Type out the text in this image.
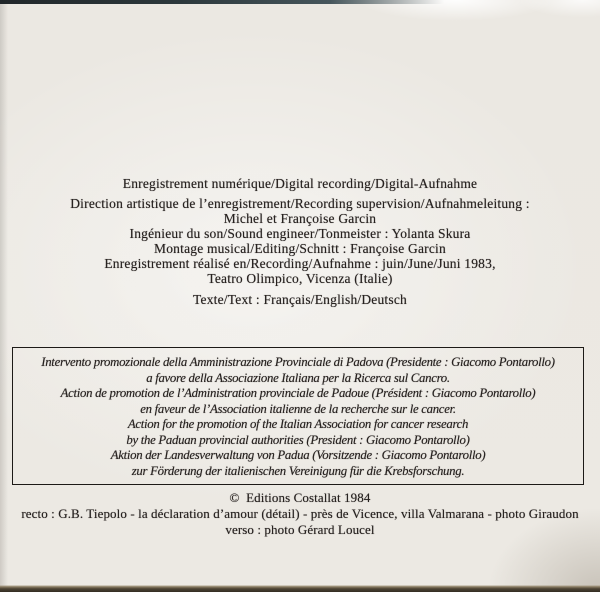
Enregistrement numérique/Digital recording/Digital-Aufnahme
Direction artistique de l’enregistrement/Recording supervision/Aufnahmeleitung :
Michel et Françoise Garcin
Ingénieur du son/Sound engineer/Tonmeister : Yolanta Skura
Montage musical/Editing/Schnitt : Françoise Garcin
Enregistrement réalisé en/Recording/Aufnahme : juin/June/Juni 1983,
Teatro Olimpico, Vicenza (Italie)
Texte/Text : Français/English/Deutsch
Intervento promozionale della Amministrazione Provinciale di Padova (Presidente : Giacomo Pontarollo)
a favore della Associazione Italiana per la Ricerca sul Cancro.
Action de promotion de l’Administration provinciale de Padoue (Président : Giacomo Pontarollo)
en faveur de l’Association italienne de la recherche sur le cancer.
Action for the promotion of the Italian Association for cancer research
by the Paduan provincial authorities (President : Giacomo Pontarollo)
Aktion der Landesverwaltung von Padua (Vorsitzende : Giacomo Pontarollo)
zur Förderung der italienischen Vereinigung für die Krebsforschung.
© Editions Costallat 1984
recto : G.B. Tiepolo - la déclaration d’amour (détail) - près de Vicence, villa Valmarana - photo Giraudon
verso : photo Gérard Loucel
